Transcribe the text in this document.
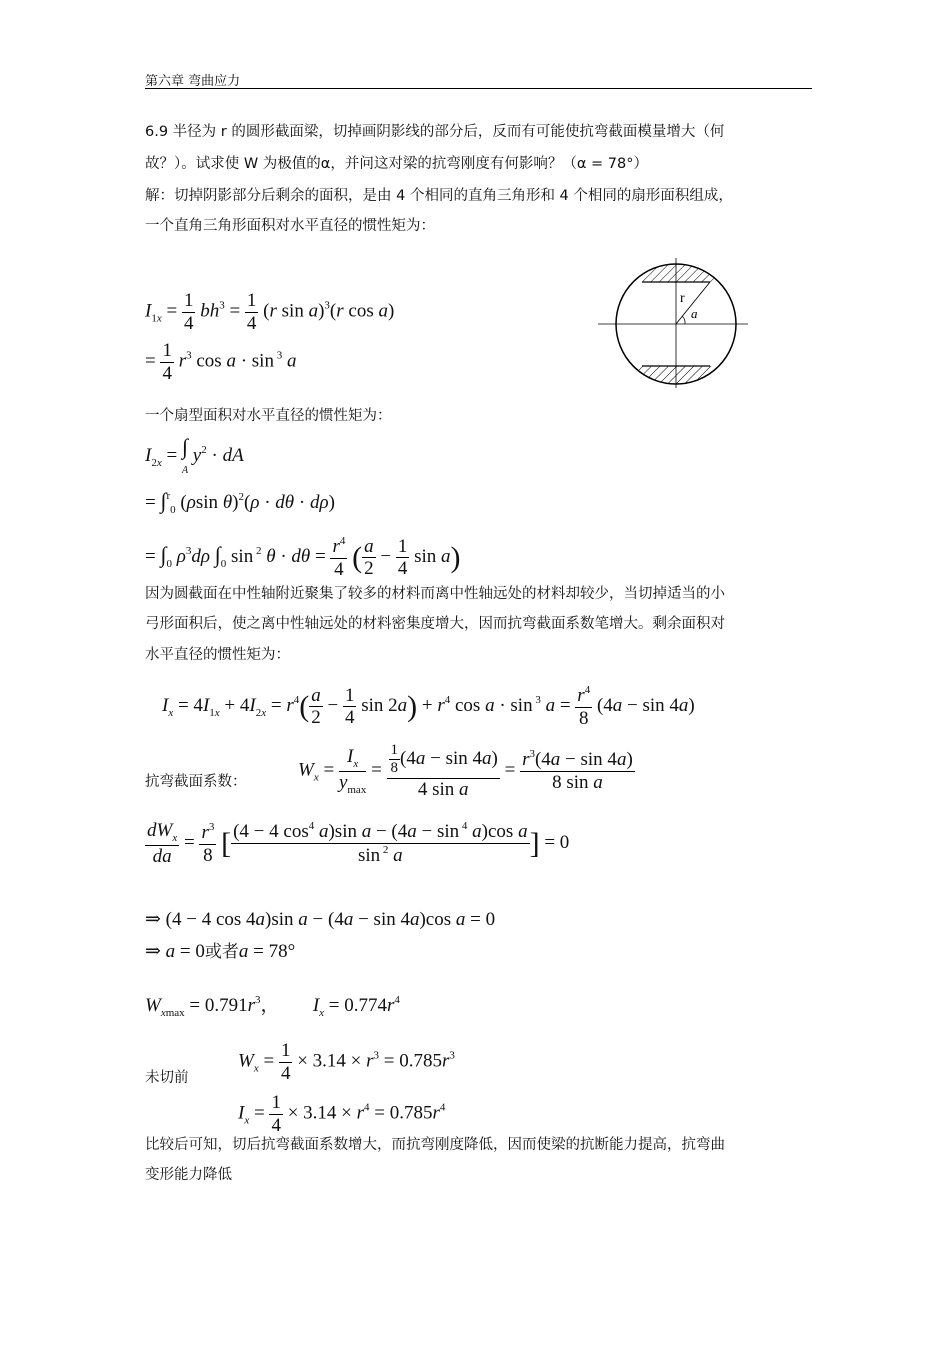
第六章 弯曲应力
6.9 半径为 r 的圆形截面梁，切掉画阴影线的部分后，反而有可能使抗弯截面模量增大（何
故？）。试求使 W 为极值的α，并问这对梁的抗弯刚度有何影响？（α = 78°）
解：切掉阴影部分后剩余的面积，是由 4 个相同的直角三角形和 4 个相同的扇形面积组成，
一个直角三角形面积对水平直径的惯性矩为：
$I_{1x} = \frac{1}{4} bh^3 = \frac{1}{4} (r$ sin a)$^3$(r cos a)
= $\frac{1}{4} r^3$ cos a · sin $^3$ a
r
a
一个扇型面积对水平直径的惯性矩为：
$I_{2x}$ = ∫
A $y^2$ · dA
= $\int_{r0}$ (ρsin θ)$^2$(ρ · dθ · dρ)
= $\int_0$ $\rho^3d\rho$ $\int_0$ sin $^2$ $\theta \cdot d\theta = \frac{r^4}{4}$ ( $\frac{a}{2} - \frac{1}{4}$ sin a)
因为圆截面在中性轴附近聚集了较多的材料而离中性轴远处的材料却较少，当切掉适当的小
弓形面积后，使之离中性轴远处的材料密集度增大，因而抗弯截面系数笔增大。剩余面积对
水平直径的惯性矩为：
$I_x = 4I_{1x} + 4I_{2x} = r^4( \frac{a}{2} - \frac{1}{4}$ $\sin 2a) + r^4$ cos a · sin $^3$ $a = \frac{r^4}{8} (4a - \sin 4a)$
抗弯截面系数：
$W_x = \frac{I_x}{y_{max}} = \frac{\frac{1}{8} (4a - \sin 4a)}{\text{4 sin a}} = \frac{r^3(4a - \sin 4a)}{\text{8 sin a}}$
$\frac{dW_x}{da} = \frac{r^3}{8}$ [ $\frac{(4 - 4 \cos^4 a)\sin a - (4a - \sin ^4 a)\cos a}{\sin ^2 a}$ ] = 0
⇒ (4 − 4 cos 4a)sin a − (4a − sin 4a)cos a = 0
⇒ a = 0或者a = 78°
$W_{xmax} = 0.791r^3$，       $I_x = 0.774r^4$
未切前
$W_x = \frac{1}{4} \times 3.14 \times r^3 = 0.785r^3$
$I_x = \frac{1}{4} \times 3.14 \times r^4 = 0.785r^4$
比较后可知，切后抗弯截面系数增大，而抗弯刚度降低，因而使梁的抗断能力提高，抗弯曲
变形能力降低
